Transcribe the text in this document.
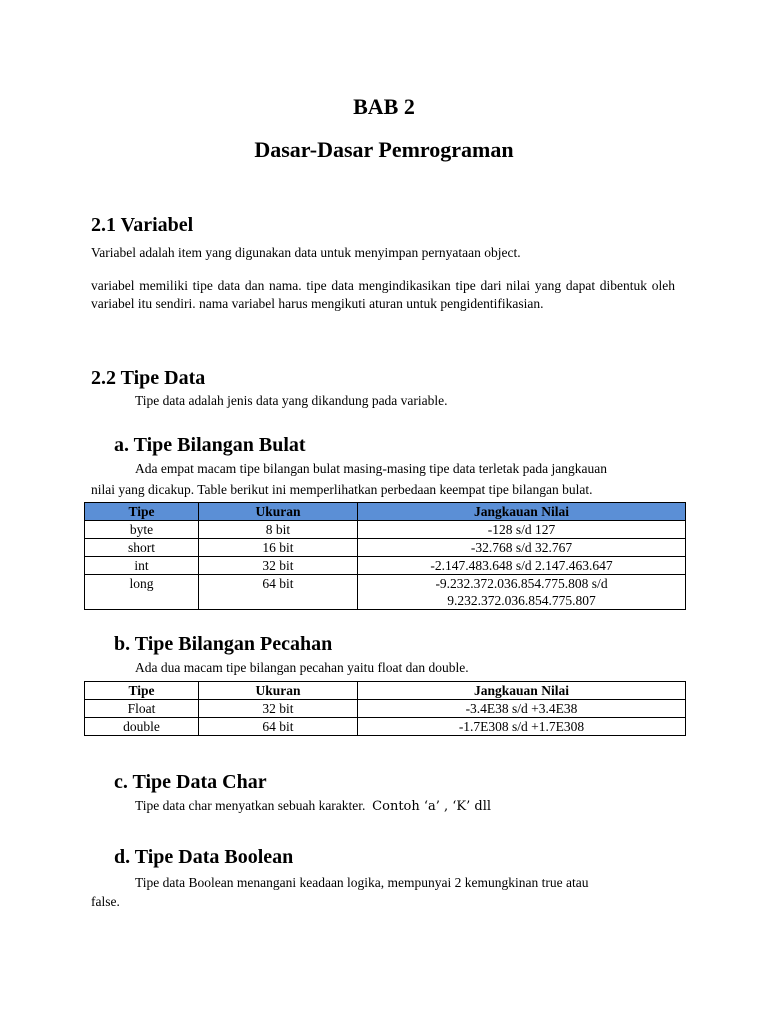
BAB 2
Dasar-Dasar Pemrograman
2.1 Variabel
Variabel adalah item yang digunakan data untuk menyimpan pernyataan object.
variabel memiliki tipe data dan nama. tipe data mengindikasikan tipe dari nilai yang dapat dibentuk oleh variabel itu sendiri. nama variabel harus mengikuti aturan untuk pengidentifikasian.
2.2 Tipe Data
Tipe data adalah jenis data yang dikandung pada variable.
a. Tipe Bilangan Bulat
Ada empat macam tipe bilangan bulat masing-masing tipe data terletak pada jangkauan
nilai yang dicakup. Table berikut ini memperlihatkan perbedaan keempat tipe bilangan bulat.
Tipe	Ukuran	Jangkauan Nilai
byte	8 bit	-128 s/d 127
short	16 bit	-32.768 s/d 32.767
int	32 bit	-2.147.483.648 s/d 2.147.463.647
long	64 bit	-9.232.372.036.854.775.808 s/d
9.232.372.036.854.775.807
b. Tipe Bilangan Pecahan
Ada dua macam tipe bilangan pecahan yaitu float dan double.
Tipe	Ukuran	Jangkauan Nilai
Float	32 bit	-3.4E38 s/d +3.4E38
double	64 bit	-1.7E308 s/d +1.7E308
c. Tipe Data Char
Tipe data char menyatkan sebuah karakter. Contoh ‘a’ , ‘K’ dll
d. Tipe Data Boolean
Tipe data Boolean menangani keadaan logika, mempunyai 2 kemungkinan true atau
false.
